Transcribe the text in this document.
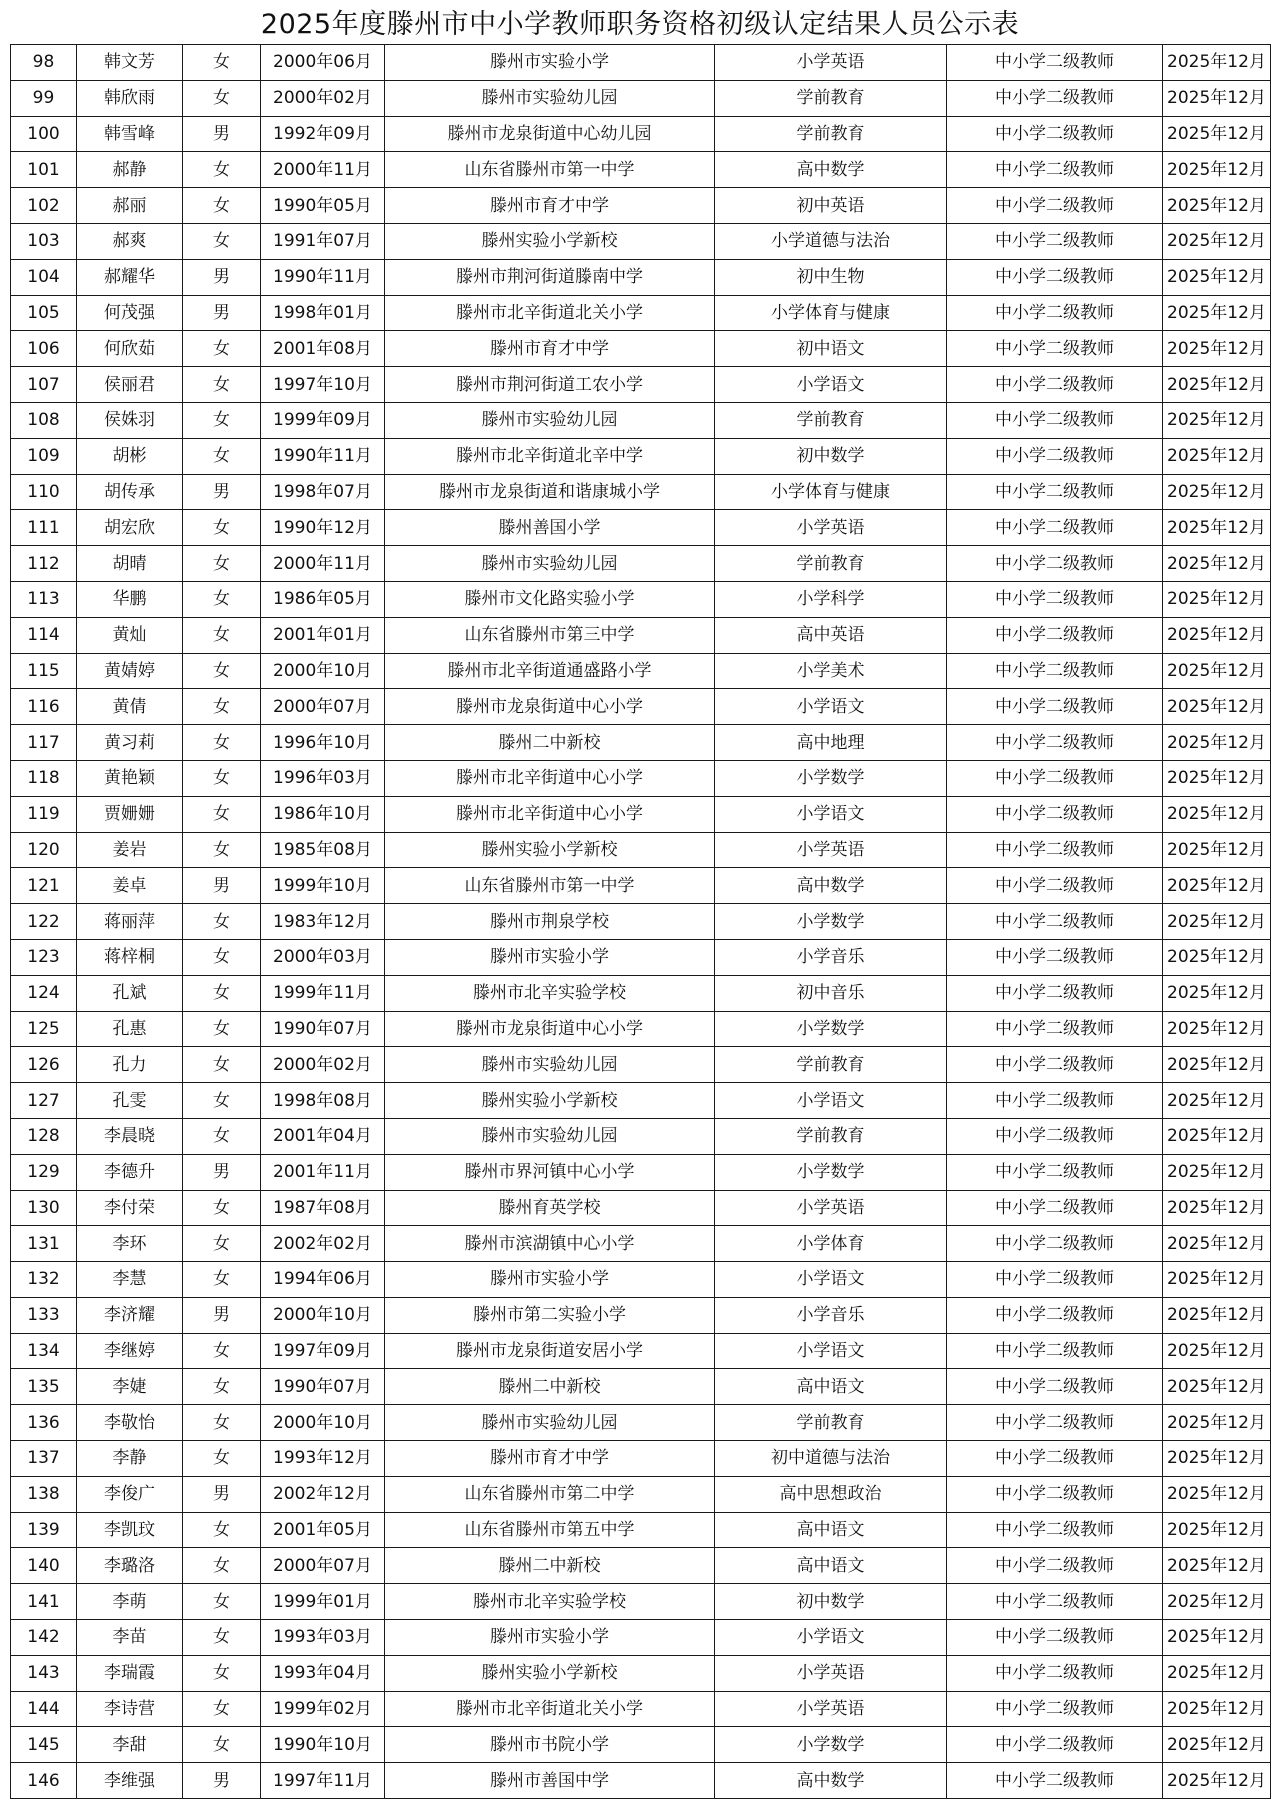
2025年度滕州市中小学教师职务资格初级认定结果人员公示表
98	韩文芳	女	2000年06月	滕州市实验小学	小学英语	中小学二级教师	2025年12月
99	韩欣雨	女	2000年02月	滕州市实验幼儿园	学前教育	中小学二级教师	2025年12月
100	韩雪峰	男	1992年09月	滕州市龙泉街道中心幼儿园	学前教育	中小学二级教师	2025年12月
101	郝静	女	2000年11月	山东省滕州市第一中学	高中数学	中小学二级教师	2025年12月
102	郝丽	女	1990年05月	滕州市育才中学	初中英语	中小学二级教师	2025年12月
103	郝爽	女	1991年07月	滕州实验小学新校	小学道德与法治	中小学二级教师	2025年12月
104	郝耀华	男	1990年11月	滕州市荆河街道滕南中学	初中生物	中小学二级教师	2025年12月
105	何茂强	男	1998年01月	滕州市北辛街道北关小学	小学体育与健康	中小学二级教师	2025年12月
106	何欣茹	女	2001年08月	滕州市育才中学	初中语文	中小学二级教师	2025年12月
107	侯丽君	女	1997年10月	滕州市荆河街道工农小学	小学语文	中小学二级教师	2025年12月
108	侯姝羽	女	1999年09月	滕州市实验幼儿园	学前教育	中小学二级教师	2025年12月
109	胡彬	女	1990年11月	滕州市北辛街道北辛中学	初中数学	中小学二级教师	2025年12月
110	胡传承	男	1998年07月	滕州市龙泉街道和谐康城小学	小学体育与健康	中小学二级教师	2025年12月
111	胡宏欣	女	1990年12月	滕州善国小学	小学英语	中小学二级教师	2025年12月
112	胡晴	女	2000年11月	滕州市实验幼儿园	学前教育	中小学二级教师	2025年12月
113	华鹏	女	1986年05月	滕州市文化路实验小学	小学科学	中小学二级教师	2025年12月
114	黄灿	女	2001年01月	山东省滕州市第三中学	高中英语	中小学二级教师	2025年12月
115	黄婧婷	女	2000年10月	滕州市北辛街道通盛路小学	小学美术	中小学二级教师	2025年12月
116	黄倩	女	2000年07月	滕州市龙泉街道中心小学	小学语文	中小学二级教师	2025年12月
117	黄习莉	女	1996年10月	滕州二中新校	高中地理	中小学二级教师	2025年12月
118	黄艳颖	女	1996年03月	滕州市北辛街道中心小学	小学数学	中小学二级教师	2025年12月
119	贾姗姗	女	1986年10月	滕州市北辛街道中心小学	小学语文	中小学二级教师	2025年12月
120	姜岩	女	1985年08月	滕州实验小学新校	小学英语	中小学二级教师	2025年12月
121	姜卓	男	1999年10月	山东省滕州市第一中学	高中数学	中小学二级教师	2025年12月
122	蒋丽萍	女	1983年12月	滕州市荆泉学校	小学数学	中小学二级教师	2025年12月
123	蒋梓桐	女	2000年03月	滕州市实验小学	小学音乐	中小学二级教师	2025年12月
124	孔斌	女	1999年11月	滕州市北辛实验学校	初中音乐	中小学二级教师	2025年12月
125	孔惠	女	1990年07月	滕州市龙泉街道中心小学	小学数学	中小学二级教师	2025年12月
126	孔力	女	2000年02月	滕州市实验幼儿园	学前教育	中小学二级教师	2025年12月
127	孔雯	女	1998年08月	滕州实验小学新校	小学语文	中小学二级教师	2025年12月
128	李晨晓	女	2001年04月	滕州市实验幼儿园	学前教育	中小学二级教师	2025年12月
129	李德升	男	2001年11月	滕州市界河镇中心小学	小学数学	中小学二级教师	2025年12月
130	李付荣	女	1987年08月	滕州育英学校	小学英语	中小学二级教师	2025年12月
131	李环	女	2002年02月	滕州市滨湖镇中心小学	小学体育	中小学二级教师	2025年12月
132	李慧	女	1994年06月	滕州市实验小学	小学语文	中小学二级教师	2025年12月
133	李济耀	男	2000年10月	滕州市第二实验小学	小学音乐	中小学二级教师	2025年12月
134	李继婷	女	1997年09月	滕州市龙泉街道安居小学	小学语文	中小学二级教师	2025年12月
135	李婕	女	1990年07月	滕州二中新校	高中语文	中小学二级教师	2025年12月
136	李敬怡	女	2000年10月	滕州市实验幼儿园	学前教育	中小学二级教师	2025年12月
137	李静	女	1993年12月	滕州市育才中学	初中道德与法治	中小学二级教师	2025年12月
138	李俊广	男	2002年12月	山东省滕州市第二中学	高中思想政治	中小学二级教师	2025年12月
139	李凯玟	女	2001年05月	山东省滕州市第五中学	高中语文	中小学二级教师	2025年12月
140	李璐洛	女	2000年07月	滕州二中新校	高中语文	中小学二级教师	2025年12月
141	李萌	女	1999年01月	滕州市北辛实验学校	初中数学	中小学二级教师	2025年12月
142	李苗	女	1993年03月	滕州市实验小学	小学语文	中小学二级教师	2025年12月
143	李瑞霞	女	1993年04月	滕州实验小学新校	小学英语	中小学二级教师	2025年12月
144	李诗营	女	1999年02月	滕州市北辛街道北关小学	小学英语	中小学二级教师	2025年12月
145	李甜	女	1990年10月	滕州市书院小学	小学数学	中小学二级教师	2025年12月
146	李维强	男	1997年11月	滕州市善国中学	高中数学	中小学二级教师	2025年12月
